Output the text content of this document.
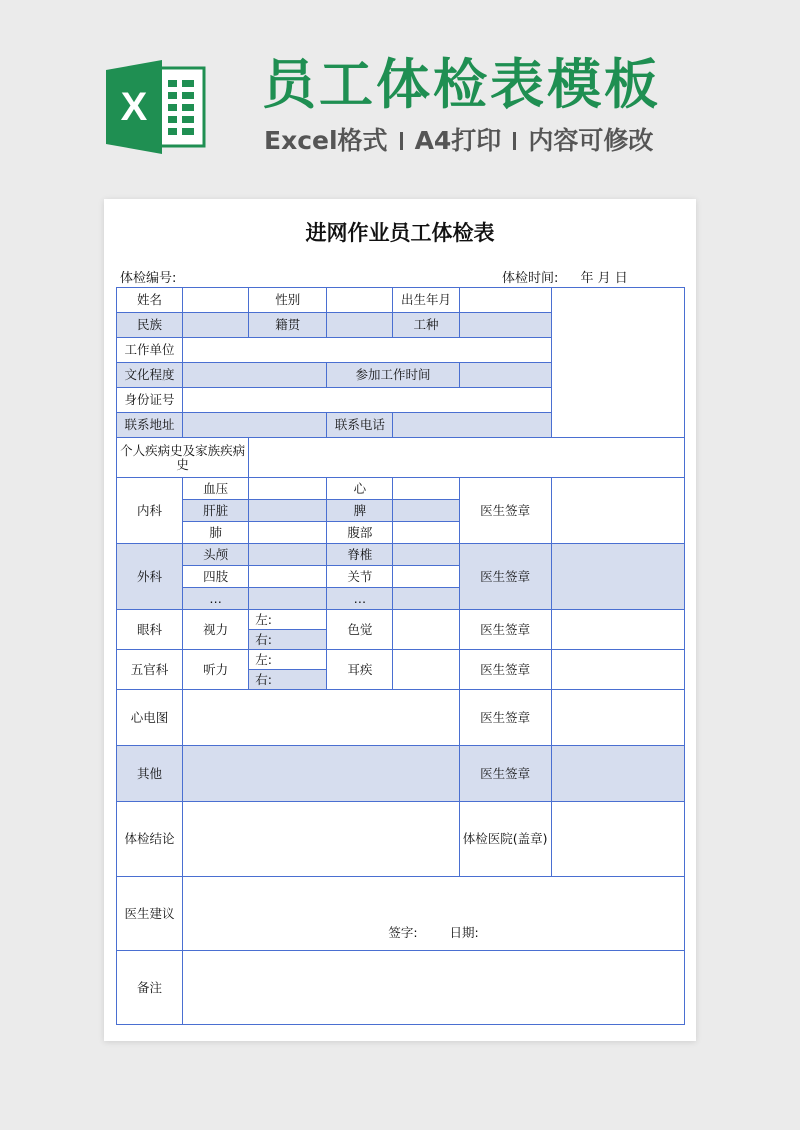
X 员工体检表模板
Excel格式 A4打印 内容可修改
进网作业员工体检表
体检编号:	体检时间: 年 月 日
姓名		性别		出生年月		
民族		籍贯		工种		
工作单位						
文化程度			参加工作时间			
身份证号						
联系地址			联系电话			
个人疾病史及家族疾病史						
内科	血压		心		医生签章	
	肝脏		脾			
	肺		腹部			
外科	头颅		脊椎		医生签章	
	四肢		关节			
	…		…			
眼科	视力	左:	色觉		医生签章	
		右:				
五官科	听力	左:	耳疾		医生签章	
		右:				
心电图					医生签章	
其他					医生签章	
体检结论					体检医院(盖章)	
医生建议	签字: 日期:					
备注						
